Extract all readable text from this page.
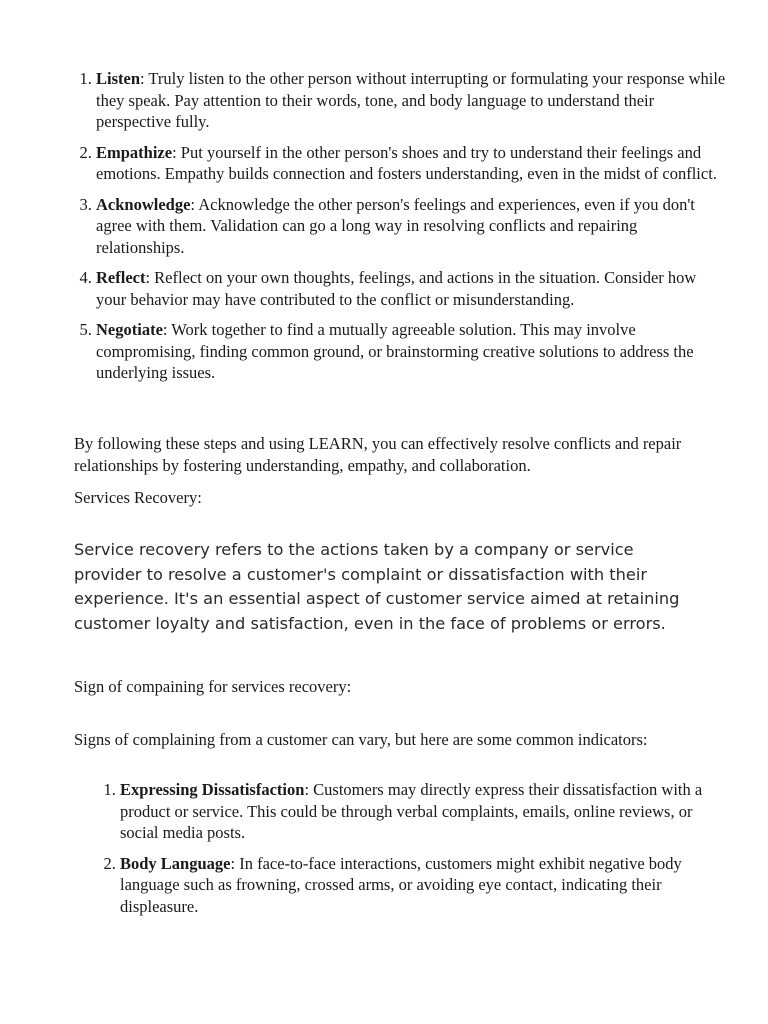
1. Listen: Truly listen to the other person without interrupting or formulating your response while they speak. Pay attention to their words, tone, and body language to understand their perspective fully.
2. Empathize: Put yourself in the other person's shoes and try to understand their feelings and emotions. Empathy builds connection and fosters understanding, even in the midst of conflict.
3. Acknowledge: Acknowledge the other person's feelings and experiences, even if you don't agree with them. Validation can go a long way in resolving conflicts and repairing relationships.
4. Reflect: Reflect on your own thoughts, feelings, and actions in the situation. Consider how your behavior may have contributed to the conflict or misunderstanding.
5. Negotiate: Work together to find a mutually agreeable solution. This may involve compromising, finding common ground, or brainstorming creative solutions to address the underlying issues.

By following these steps and using LEARN, you can effectively resolve conflicts and repair relationships by fostering understanding, empathy, and collaboration.

Services Recovery:

Service recovery refers to the actions taken by a company or service provider to resolve a customer's complaint or dissatisfaction with their experience. It's an essential aspect of customer service aimed at retaining customer loyalty and satisfaction, even in the face of problems or errors.

Sign of compaining for services recovery:

Signs of complaining from a customer can vary, but here are some common indicators:

1. Expressing Dissatisfaction: Customers may directly express their dissatisfaction with a product or service. This could be through verbal complaints, emails, online reviews, or social media posts.
2. Body Language: In face-to-face interactions, customers might exhibit negative body language such as frowning, crossed arms, or avoiding eye contact, indicating their displeasure.
